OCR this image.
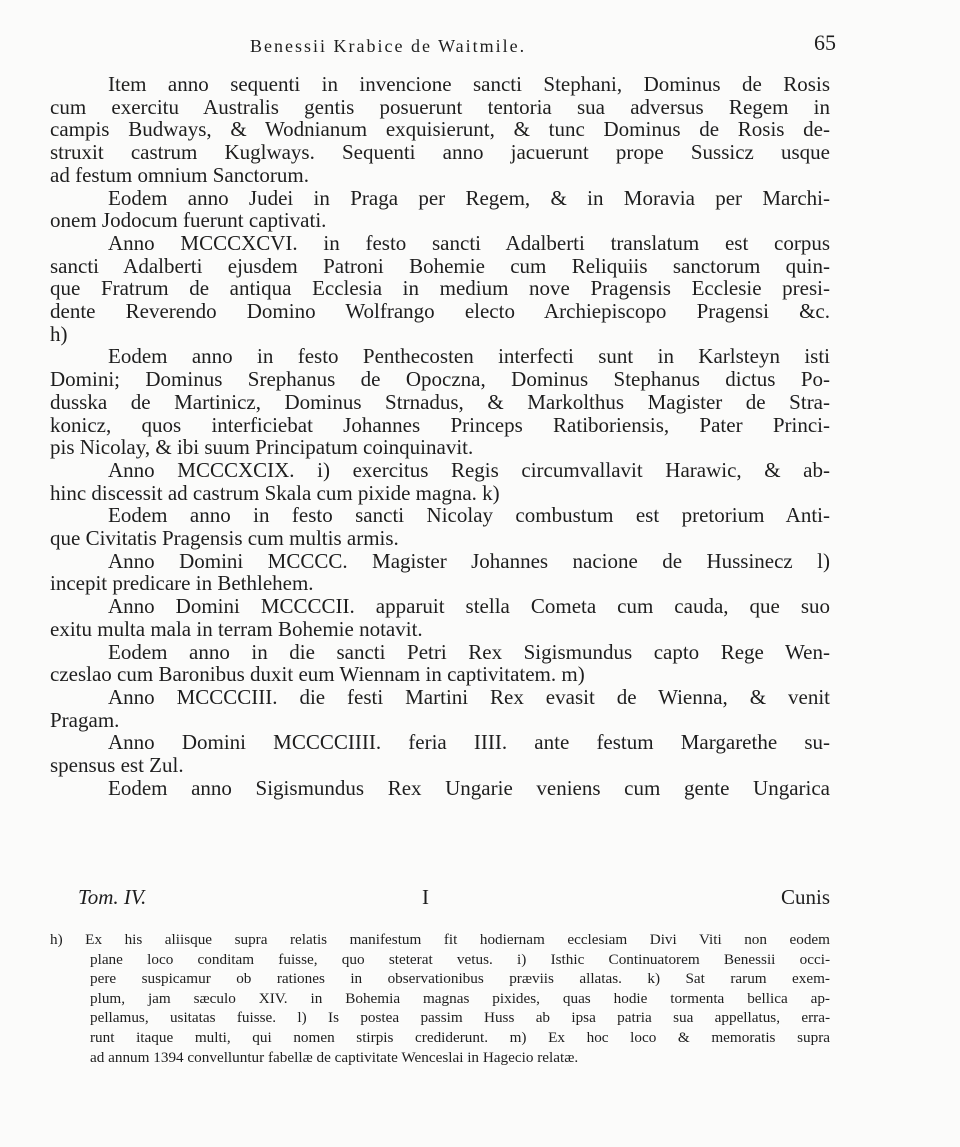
Benessii Krabice de Waitmile.	65
Item anno sequenti in invencione sancti Stephani, Dominus de Rosis
cum exercitu Australis gentis posuerunt tentoria sua adversus Regem in
campis Budways, & Wodnianum exquisierunt, & tunc Dominus de Rosis de-
struxit castrum Kuglways. Sequenti anno jacuerunt prope Sussicz usque
ad festum omnium Sanctorum.
Eodem anno Judei in Praga per Regem, & in Moravia per Marchi-
onem Jodocum fuerunt captivati.
Anno MCCCXCVI. in festo sancti Adalberti translatum est corpus
sancti Adalberti ejusdem Patroni Bohemie cum Reliquiis sanctorum quin-
que Fratrum de antiqua Ecclesia in medium nove Pragensis Ecclesie presi-
dente Reverendo Domino Wolfrango electo Archiepiscopo Pragensi &c.
h)
Eodem anno in festo Penthecosten interfecti sunt in Karlsteyn isti
Domini; Dominus Srephanus de Opoczna, Dominus Stephanus dictus Po-
dusska de Martinicz, Dominus Strnadus, & Markolthus Magister de Stra-
konicz, quos interficiebat Johannes Princeps Ratiboriensis, Pater Princi-
pis Nicolay, & ibi suum Principatum coinquinavit.
Anno MCCCXCIX. i) exercitus Regis circumvallavit Harawic, & ab-
hinc discessit ad castrum Skala cum pixide magna. k)
Eodem anno in festo sancti Nicolay combustum est pretorium Anti-
que Civitatis Pragensis cum multis armis.
Anno Domini MCCCC. Magister Johannes nacione de Hussinecz l)
incepit predicare in Bethlehem.
Anno Domini MCCCCII. apparuit stella Cometa cum cauda, que suo
exitu multa mala in terram Bohemie notavit.
Eodem anno in die sancti Petri Rex Sigismundus capto Rege Wen-
czeslao cum Baronibus duxit eum Wiennam in captivitatem. m)
Anno MCCCCIII. die festi Martini Rex evasit de Wienna, & venit
Pragam.
Anno Domini MCCCCIIII. feria IIII. ante festum Margarethe su-
spensus est Zul.
Eodem anno Sigismundus Rex Ungarie veniens cum gente Ungarica
Tom. IV.	I	Cunis
h) Ex his aliisque supra relatis manifestum fit hodiernam ecclesiam Divi Viti non eodem
plane loco conditam fuisse, quo steterat vetus. i) Isthic Continuatorem Benessii occi-
pere suspicamur ob rationes in observationibus præviis allatas. k) Sat rarum exem-
plum, jam sæculo XIV. in Bohemia magnas pixides, quas hodie tormenta bellica ap-
pellamus, usitatas fuisse. l) Is postea passim Huss ab ipsa patria sua appellatus, erra-
runt itaque multi, qui nomen stirpis crediderunt. m) Ex hoc loco & memoratis supra
ad annum 1394 convelluntur fabellæ de captivitate Wenceslai in Hagecio relatæ.
